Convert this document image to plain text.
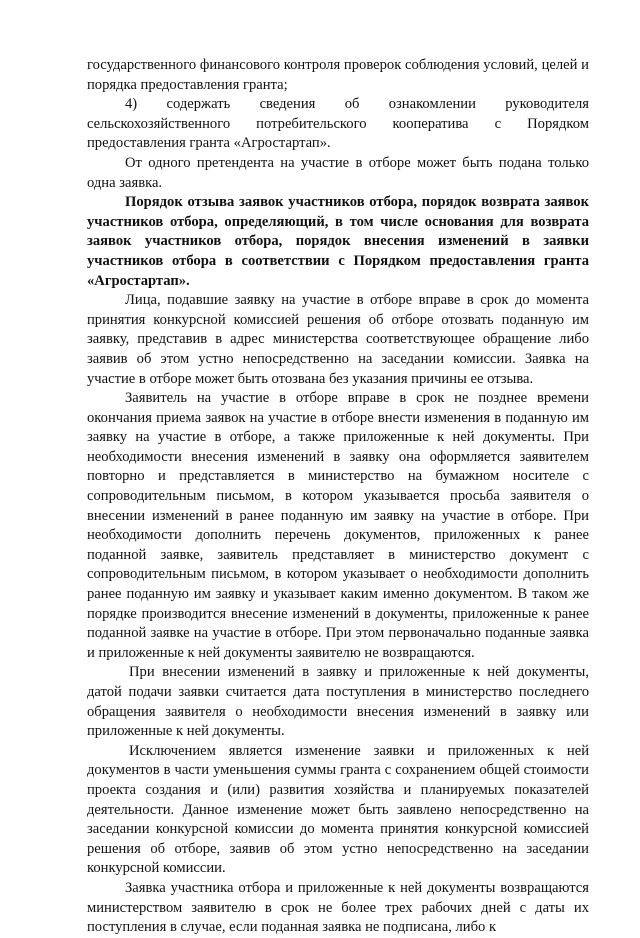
государственного финансового контроля проверок соблюдения условий, целей и порядка предоставления гранта;

4) содержать сведения об ознакомлении руководителя сельскохозяйственного потребительского кооператива с Порядком предоставления гранта «Агростартап».

От одного претендента на участие в отборе может быть подана только одна заявка.

Порядок отзыва заявок участников отбора, порядок возврата заявок участников отбора, определяющий, в том числе основания для возврата заявок участников отбора, порядок внесения изменений в заявки участников отбора в соответствии с Порядком предоставления гранта «Агростартап».

Лица, подавшие заявку на участие в отборе вправе в срок до момента принятия конкурсной комиссией решения об отборе отозвать поданную им заявку, представив в адрес министерства соответствующее обращение либо заявив об этом устно непосредственно на заседании комиссии. Заявка на участие в отборе может быть отозвана без указания причины ее отзыва.

Заявитель на участие в отборе вправе в срок не позднее времени окончания приема заявок на участие в отборе внести изменения в поданную им заявку на участие в отборе, а также приложенные к ней документы. При необходимости внесения изменений в заявку она оформляется заявителем повторно и представляется в министерство на бумажном носителе с сопроводительным письмом, в котором указывается просьба заявителя о внесении изменений в ранее поданную им заявку на участие в отборе. При необходимости дополнить перечень документов, приложенных к ранее поданной заявке, заявитель представляет в министерство документ с сопроводительным письмом, в котором указывает о необходимости дополнить ранее поданную им заявку и указывает каким именно документом. В таком же порядке производится внесение изменений в документы, приложенные к ранее поданной заявке на участие в отборе. При этом первоначально поданные заявка и приложенные к ней документы заявителю не возвращаются.

При внесении изменений в заявку и приложенные к ней документы, датой подачи заявки считается дата поступления в министерство последнего обращения заявителя о необходимости внесения изменений в заявку или приложенные к ней документы.

Исключением является изменение заявки и приложенных к ней документов в части уменьшения суммы гранта с сохранением общей стоимости проекта создания и (или) развития хозяйства и планируемых показателей деятельности. Данное изменение может быть заявлено непосредственно на заседании конкурсной комиссии до момента принятия конкурсной комиссией решения об отборе, заявив об этом устно непосредственно на заседании конкурсной комиссии.

Заявка участника отбора и приложенные к ней документы возвращаются министерством заявителю в срок не более трех рабочих дней с даты их поступления в случае, если поданная заявка не подписана, либо к
